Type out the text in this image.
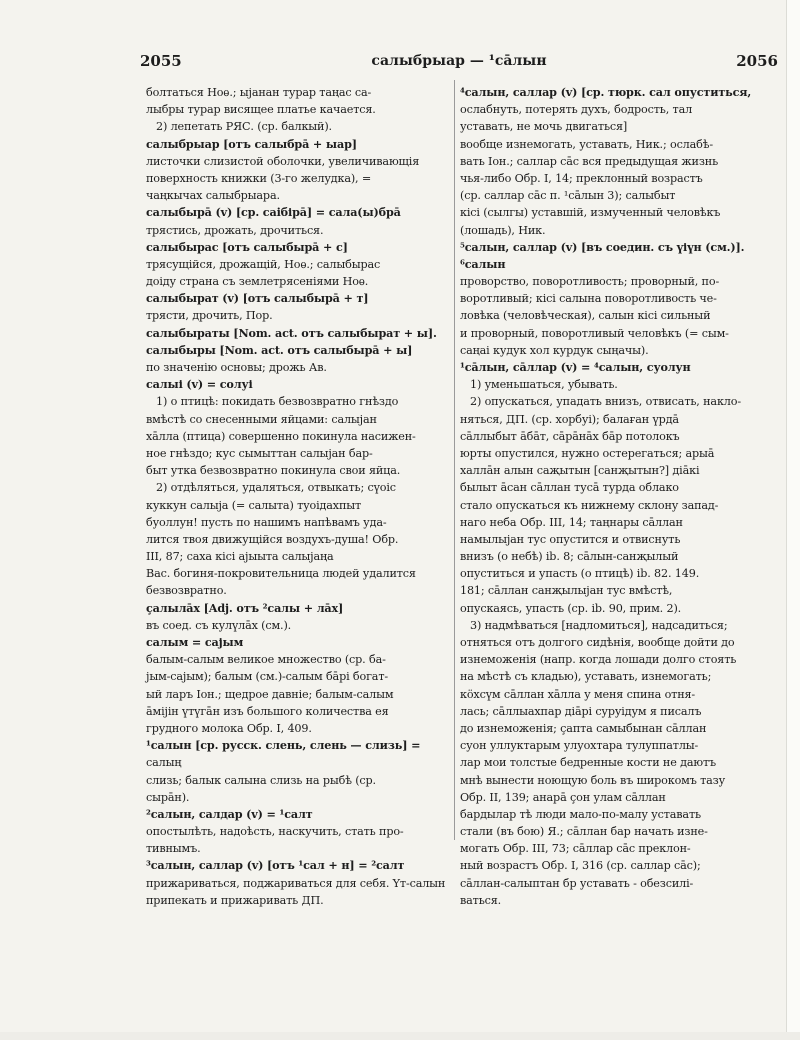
2055	салыбрыар — ¹сāлын	2056
болтаться Ноѳ.; ыјанан турар таңас са-
лыбры турар висящее платье качается.
2) лепетать РЯС. (ср. балкый).
салыбрыар [отъ салыбрā + ыар]
листочки слизистой оболочки, увеличивающія
поверхность книжки (3-го желудка), =
чаңкычах салыбрыара.
салыбырā (v) [ср. саiбірā] = сала(ы)брā
трястись, дрожать, дрочиться.
салыбырас [отъ салыбырā + с]
трясущійся, дрожащій, Ноѳ.; салыбырас
доіду страна съ землетрясеніями Ноѳ.
салыбырат (v) [отъ салыбырā + т]
трясти, дрочить, Пор.
салыбыраты [Nom. act. отъ салыбырат + ы].
салыбыры [Nom. act. отъ салыбырā + ы]
по значенію основы; дрожь Ав.
салыі (v) = солуі
1) о птицѣ: покидать безвозвратно гнѣздо
вмѣстѣ со снесенными яйцами: салыјан
хāлла (птица) совершенно покинула насижен-
ное гнѣздо; кус сымыттан салыјан бар-
быт утка безвозвратно покинула свои яйца.
2) отдѣляться, удаляться, отвыкать; сүоіс
куккун салыја (= салыта) туоідахпыт
буоллун! пусть по нашимъ напѣвамъ уда-
лится твоя движущійся воздухъ-душа! Обр.
III, 87; саха кісі ајыыта салыјаңа
Вас. богиня-покровительница людей удалится
безвозвратно.
ҫалылāх [Adj. отъ ²салы + лāх]
въ соед. съ кулүлāх (см.).
салым = сајым
балым-салым великое множество (ср. ба-
јым-сајым); балым (см.)-салым бāрі богат-
ый ларъ Іон.; щедрое давніе; балым-салым
āмiјін үтүгāн изъ большого количества ея
грудного молока Обр. I, 409.
¹салын [ср. русск. слень, слень — слизь] =
салың
слизь; балык салына слизь на рыбѣ (ср.
сырāн).
²салын, салдар (v) = ¹салт
опостылѣть, надоѣсть, наскучить, стать про-
тивнымъ.
³салын, саллар (v) [отъ ¹сал + н] = ²салт
прижариваться, поджариваться для себя. Үт-салын
припекать и прижаривать ДП.
⁴салын, саллар (v) [ср. тюрк. сал опуститься,
ослабнуть, потерять духъ, бодрость, тал
уставать, не мочь двигаться]
вообще изнемогать, уставать, Ник.; ослабѣ-
вать Іон.; саллар сāс вся предыдущая жизнь
чья-либо Обр. I, 14; преклонный возрастъ
(ср. саллар сāс п. ¹сāлын 3); салыбыт
кісі (сылгы) уставшій, измученный человѣкъ
(лошадь), Ник.
⁵салын, саллар (v) [въ соедин. съ үіүн (см.)].
⁶салын
проворство, поворотливость; проворный, по-
воротливый; кісі салына поворотливость че-
ловѣка (человѣческая), салын кісі сильный
и проворный, поворотливый человѣкъ (= сым-
саңаі кудук хол курдук сыңачы).
¹сāлын, сāллар (v) = ⁴салын, суолун
1) уменьшаться, убывать.
2) опускаться, упадать внизъ, отвисать, накло-
няться, ДП. (ср. хорбуі); балаған үрдā
сāллыбыт āбāт, сāрāнāх бāр потолокъ
юрты опустился, нужно остерегаться; арыā
халлāн алын саҗытын [санҗытын?] дiāкі
былыт āсан сāллан тусā турда облако
стало опускаться къ нижнему склону запад-
наго неба Обр. III, 14; таңнары сāллан
намылыјан тус опустится и отвиснуть
внизъ (о небѣ) ib. 8; сāлын-санҗылый
опуститься и упасть (о птицѣ) ib. 82. 149.
181; сāллан санҗылыјан тус вмѣстѣ,
опускаясь, упасть (ср. ib. 90, прим. 2).
3) надмѣваться [надломиться], надсадиться;
отняться отъ долгого сидѣнія, вообще дойти до
изнеможенія (напр. когда лошади долго стоять
на мѣстѣ съ кладью), уставать, изнемогать;
кöхсүм сāллан хāлла у меня спина отня-
лась; сāллыахпар дiāрі суруідум я писалъ
до изнеможенія; ҫапта самыбынан сāллан
суон уллуктарым улуохтара тулуппатлы-
лар мои толстые бедренные кости не даютъ
мнѣ вынести ноющую боль въ широкомъ тазу
Обр. II, 139; анарā ҫон улам сāллан
бардылар тѣ люди мало-по-малу уставать
стали (въ бою) Я.; сāллан бар начать изне-
могать Обр. III, 73; сāллар сāс преклон-
ный возрастъ Обр. I, 316 (ср. саллар сāс);
сāллан-салыптан бр уставать - обезсилі-
ваться.
